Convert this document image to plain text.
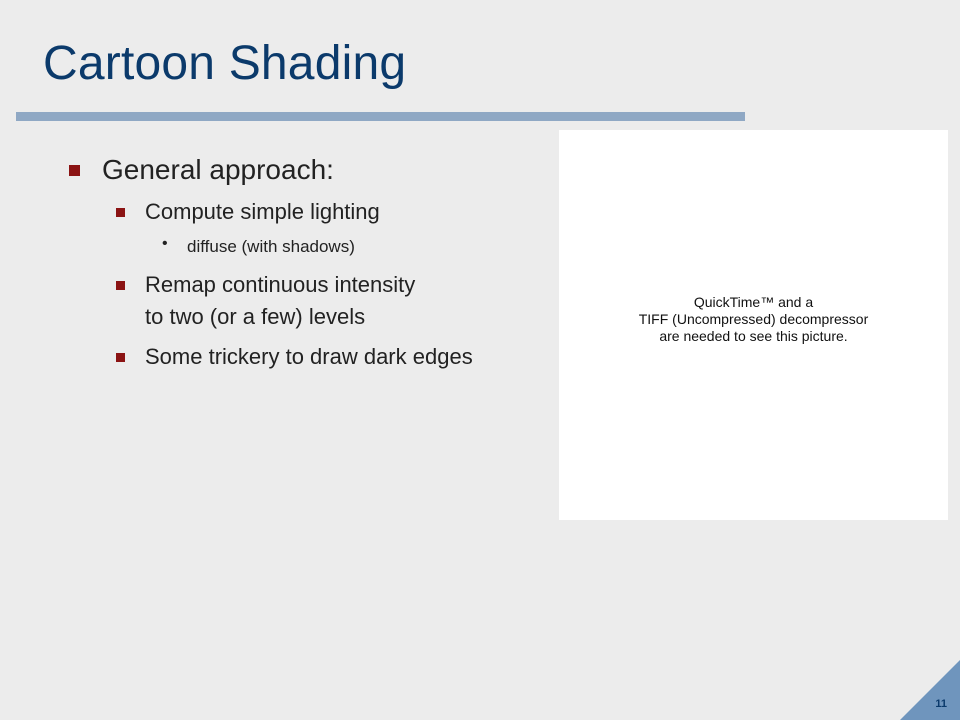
Cartoon Shading
General approach:
Compute simple lighting
• diffuse (with shadows)
Remap continuous intensity
to two (or a few) levels
Some trickery to draw dark edges
QuickTime™ and a
TIFF (Uncompressed) decompressor
are needed to see this picture.
11
